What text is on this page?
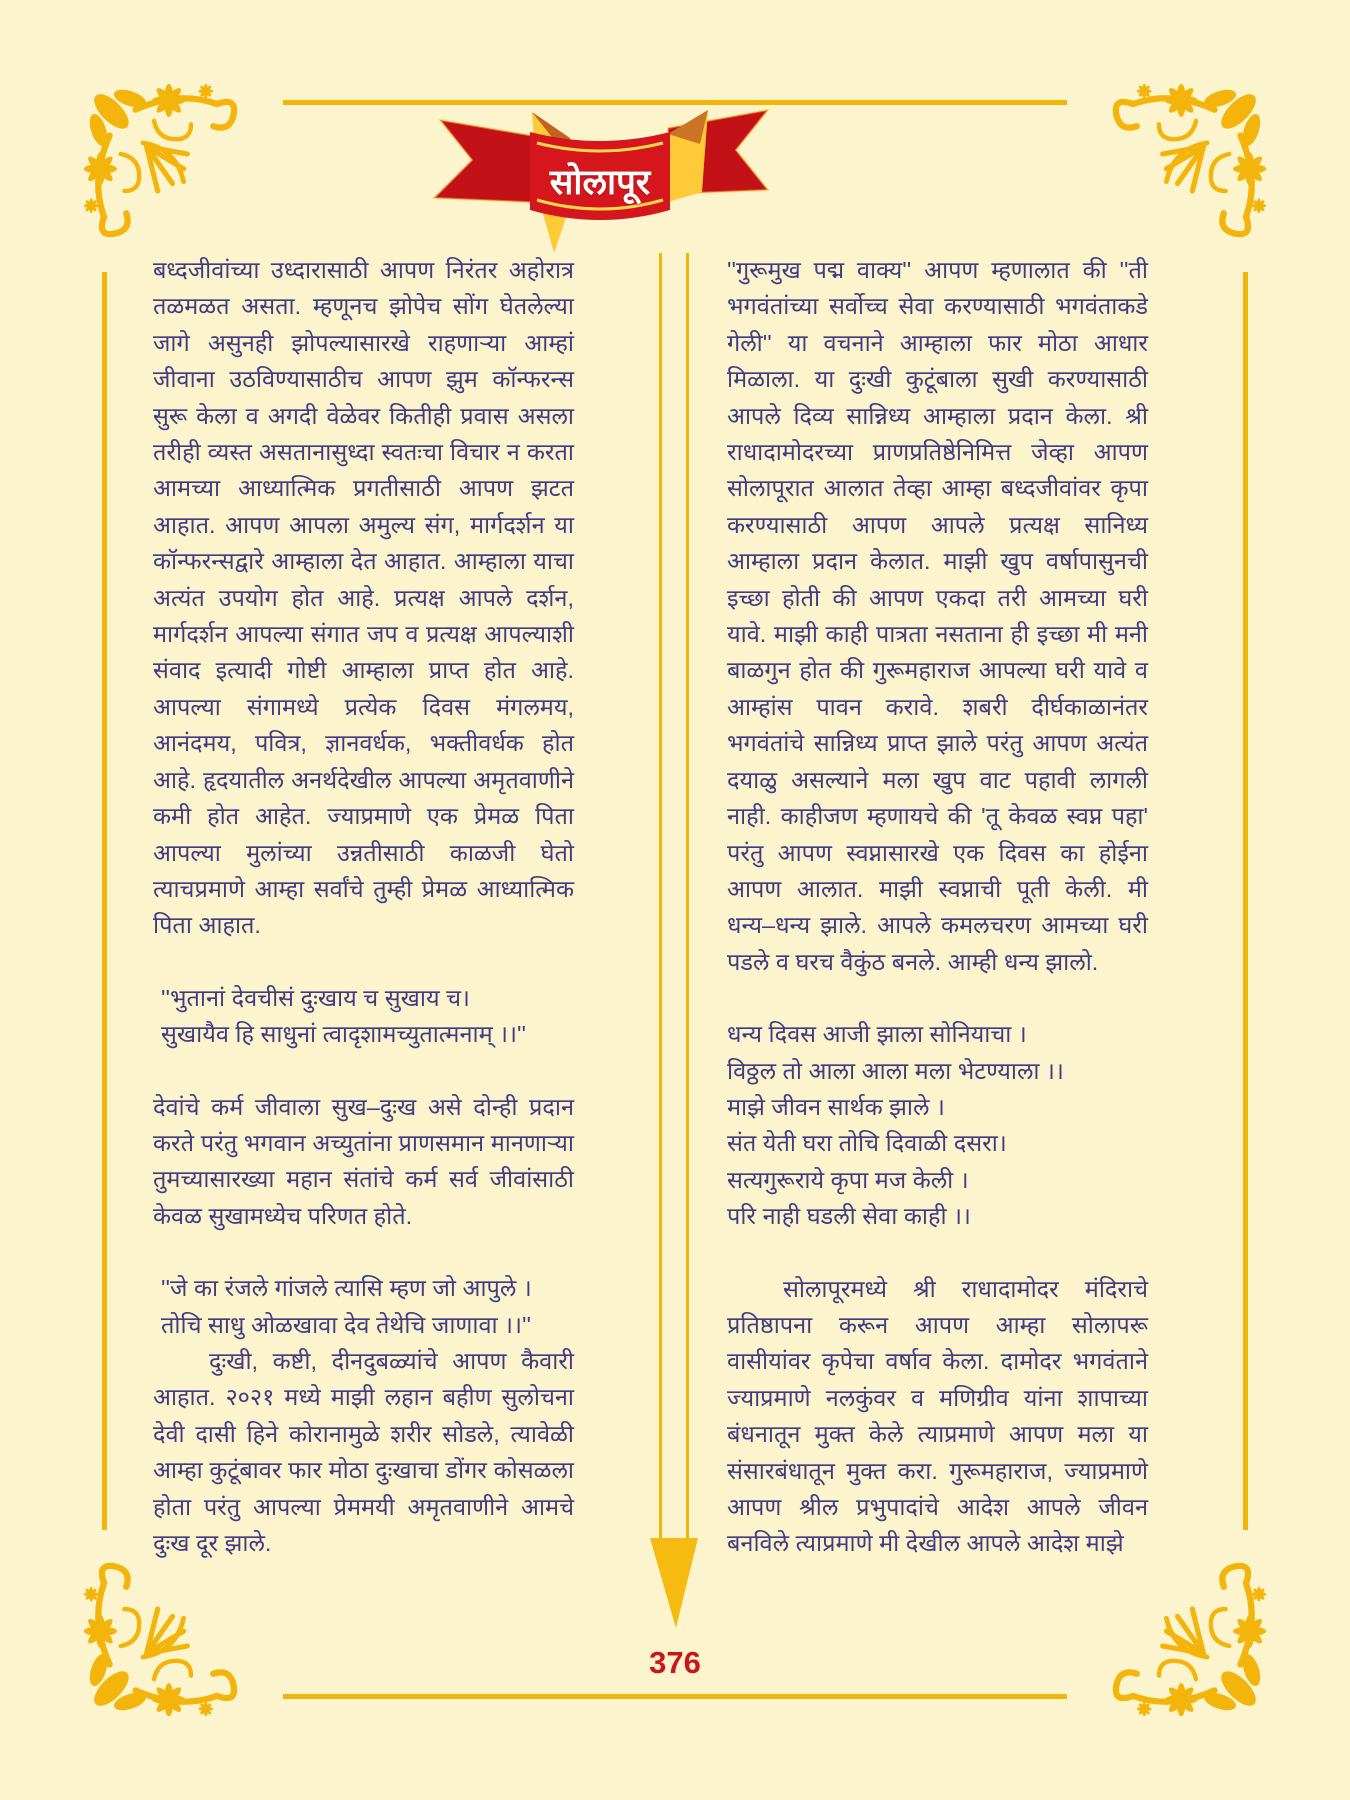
सोलापूर

बध्दजीवांच्या उध्दारासाठी आपण निरंतर अहोरात्र तळमळत असता. म्हणूनच झोपेच सोंग घेतलेल्या जागे असुनही झोपल्यासारखे राहणाऱ्या आम्हां जीवाना उठविण्यासाठीच आपण झुम कॉन्फरन्स सुरू केला व अगदी वेळेवर कितीही प्रवास असला तरीही व्यस्त असतानासुध्दा स्वतःचा विचार न करता आमच्या आध्यात्मिक प्रगतीसाठी आपण झटत आहात. आपण आपला अमुल्य संग, मार्गदर्शन या कॉन्फरन्सद्वारे आम्हाला देत आहात. आम्हाला याचा अत्यंत उपयोग होत आहे. प्रत्यक्ष आपले दर्शन, मार्गदर्शन आपल्या संगात जप व प्रत्यक्ष आपल्याशी संवाद इत्यादी गोष्टी आम्हाला प्राप्त होत आहे. आपल्या संगामध्ये प्रत्येक दिवस मंगलमय, आनंदमय, पवित्र, ज्ञानवर्धक, भक्तीवर्धक होत आहे. हृदयातील अनर्थदेखील आपल्या अमृतवाणीने कमी होत आहेत. ज्याप्रमाणे एक प्रेमळ पिता आपल्या मुलांच्या उन्नतीसाठी काळजी घेतो त्याचप्रमाणे आम्हा सर्वांचे तुम्ही प्रेमळ आध्यात्मिक पिता आहात.

''भुतानां देवचीसं दुःखाय च सुखाय च।
सुखायैव हि साधुनां त्वादृशामच्युतात्मनाम् ।।''

देवांचे कर्म जीवाला सुख–दुःख असे दोन्ही प्रदान करते परंतु भगवान अच्युतांना प्राणसमान मानणाऱ्या तुमच्यासारख्या महान संतांचे कर्म सर्व जीवांसाठी केवळ सुखामध्येच परिणत होते.

''जे का रंजले गांजले त्यासि म्हण जो आपुले ।
तोचि साधु ओळखावा देव तेथेचि जाणावा ।।''

दुःखी, कष्टी, दीनदुबळ्यांचे आपण कैवारी आहात. २०२१ मध्ये माझी लहान बहीण सुलोचना देवी दासी हिने कोरानामुळे शरीर सोडले, त्यावेळी आम्हा कुटूंबावर फार मोठा दुःखाचा डोंगर कोसळला होता परंतु आपल्या प्रेममयी अमृतवाणीने आमचे दुःख दूर झाले.

''गुरूमुख पद्म वाक्य'' आपण म्हणालात की ''ती भगवंतांच्या सर्वोच्च सेवा करण्यासाठी भगवंताकडे गेली'' या वचनाने आम्हाला फार मोठा आधार मिळाला. या दुःखी कुटूंबाला सुखी करण्यासाठी आपले दिव्य सान्निध्य आम्हाला प्रदान केला. श्री राधादामोदरच्या प्राणप्रतिष्ठेनिमित्त जेव्हा आपण सोलापूरात आलात तेव्हा आम्हा बध्दजीवांवर कृपा करण्यासाठी आपण आपले प्रत्यक्ष सानिध्य आम्हाला प्रदान केलात. माझी खुप वर्षापासुनची इच्छा होती की आपण एकदा तरी आमच्या घरी यावे. माझी काही पात्रता नसताना ही इच्छा मी मनी बाळगुन होत की गुरूमहाराज आपल्या घरी यावे व आम्हांस पावन करावे. शबरी दीर्घकाळानंतर भगवंतांचे सान्निध्य प्राप्त झाले परंतु आपण अत्यंत दयाळु असल्याने मला खुप वाट पहावी लागली नाही. काहीजण म्हणायचे की 'तू केवळ स्वप्न पहा' परंतु आपण स्वप्नासारखे एक दिवस का होईना आपण आलात. माझी स्वप्नाची पूती केली. मी धन्य–धन्य झाले. आपले कमलचरण आमच्या घरी पडले व घरच वैकुंठ बनले. आम्ही धन्य झालो.

धन्य दिवस आजी झाला सोनियाचा ।
विठ्ठल तो आला आला मला भेटण्याला ।।
माझे जीवन सार्थक झाले ।
संत येती घरा तोचि दिवाळी दसरा।
सत्यगुरूराये कृपा मज केली ।
परि नाही घडली सेवा काही ।।

सोलापूरमध्ये श्री राधादामोदर मंदिराचे प्रतिष्ठापना करून आपण आम्हा सोलापरू वासीयांवर कृपेचा वर्षाव केला. दामोदर भगवंताने ज्याप्रमाणे नलकुंवर व मणिग्रीव यांना शापाच्या बंधनातून मुक्त केले त्याप्रमाणे आपण मला या संसारबंधातून मुक्त करा. गुरूमहाराज, ज्याप्रमाणे आपण श्रील प्रभुपादांचे आदेश आपले जीवन बनविले त्याप्रमाणे मी देखील आपले आदेश माझे

376
